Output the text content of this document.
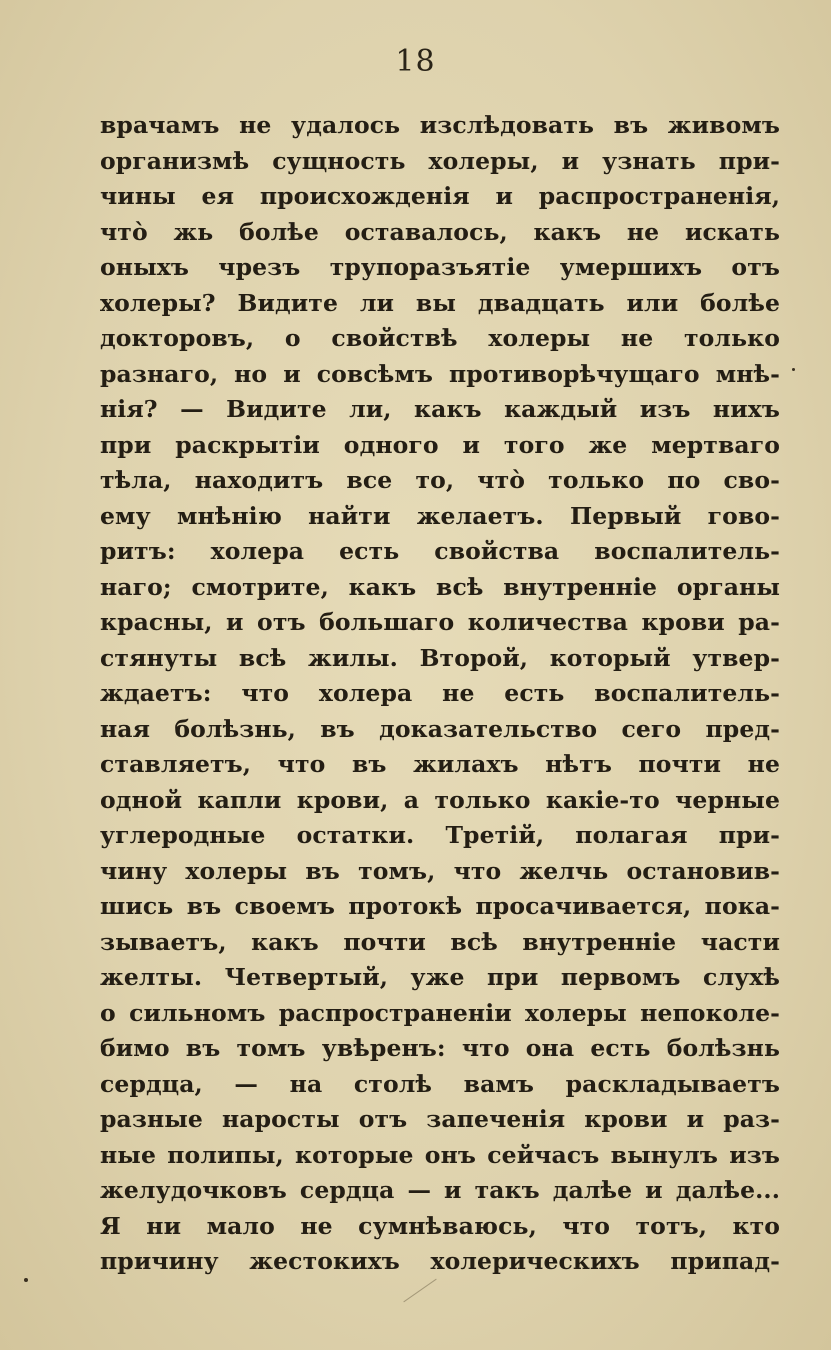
18
врачамъ не удалось изслѣдовать въ живомъ
организмѣ сущность холеры, и узнать при-
чины ея происхожденія и распространенія,
что̀ жь болѣе оставалось, какъ не искать
оныхъ чрезъ трупоразъятіе умершихъ отъ
холеры? Видите ли вы двадцать или болѣе
докторовъ, о свойствѣ холеры не только
разнаго, но и совсѣмъ противорѣчущаго мнѣ-
нія? — Видите ли, какъ каждый изъ нихъ
при раскрытіи одного и того же мертваго
тѣла, находитъ все то, что̀ только по сво-
ему мнѣнію найти желаетъ. Первый гово-
ритъ: холера есть свойства воспалитель-
наго; смотрите, какъ всѣ внутренніе органы
красны, и отъ большаго количества крови ра-
стянуты всѣ жилы. Второй, который утвер-
ждаетъ: что холера не есть воспалитель-
ная болѣзнь, въ доказательство сего пред-
ставляетъ, что въ жилахъ нѣтъ почти не
одной капли крови, а только какіе-то черные
углеродные остатки. Третій, полагая при-
чину холеры въ томъ, что желчь остановив-
шись въ своемъ протокѣ просачивается, пока-
зываетъ, какъ почти всѣ внутренніе части
желты. Четвертый, уже при первомъ слухѣ
о сильномъ распространеніи холеры непоколе-
бимо въ томъ увѣренъ: что она есть болѣзнь
сердца, — на столѣ вамъ раскладываетъ
разные наросты отъ запеченія крови и раз-
ные полипы, которые онъ сейчасъ вынулъ изъ
желудочковъ сердца — и такъ далѣе и далѣе...
Я ни мало не сумнѣваюсь, что тотъ, кто
причину жестокихъ холерическихъ припад-
